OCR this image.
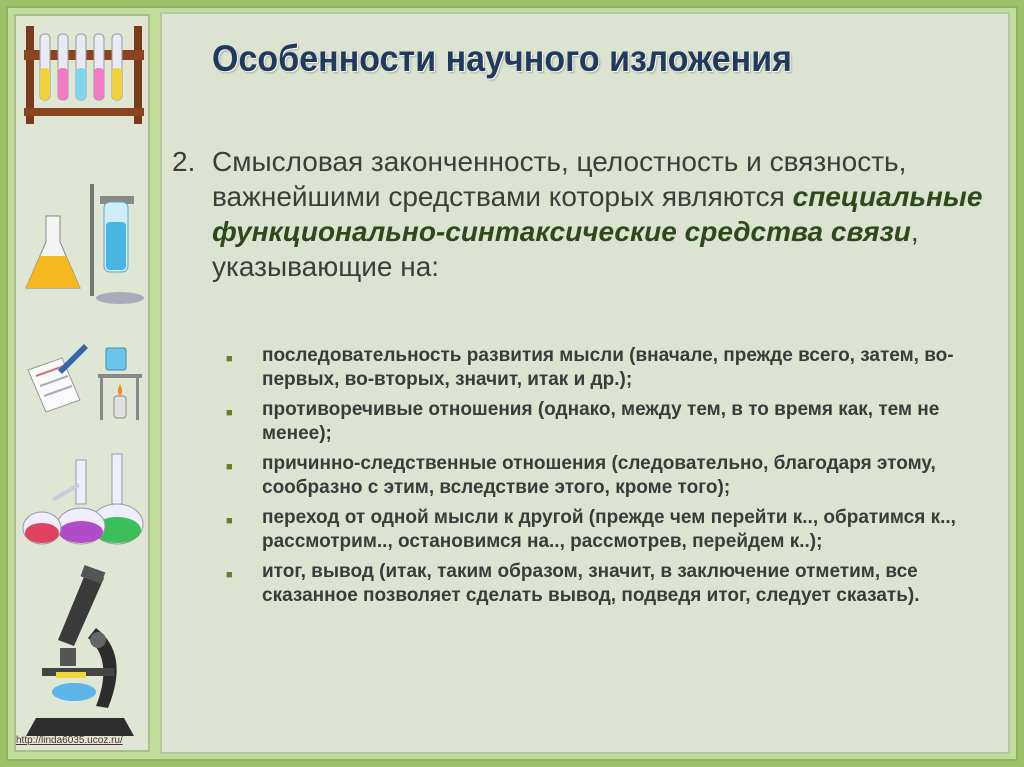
Особенности научного изложения
2. Смысловая законченность, целостность и связность, важнейшими средствами которых являются специальные функционально-синтаксические средства связи, указывающие на:
■ последовательность развития мысли (вначале, прежде всего, затем, во-первых, во-вторых, значит, итак и др.);
■ противоречивые отношения (однако, между тем, в то время как, тем не менее);
■ причинно-следственные отношения (следовательно, благодаря этому, сообразно с этим, вследствие этого, кроме того);
■ переход от одной мысли к другой (прежде чем перейти к.., обратимся к.., рассмотрим.., остановимся на.., рассмотрев, перейдем к..);
■ итог, вывод (итак, таким образом, значит, в заключение отметим, все сказанное позволяет сделать вывод, подведя итог, следует сказать).
http://linda6035.ucoz.ru/
